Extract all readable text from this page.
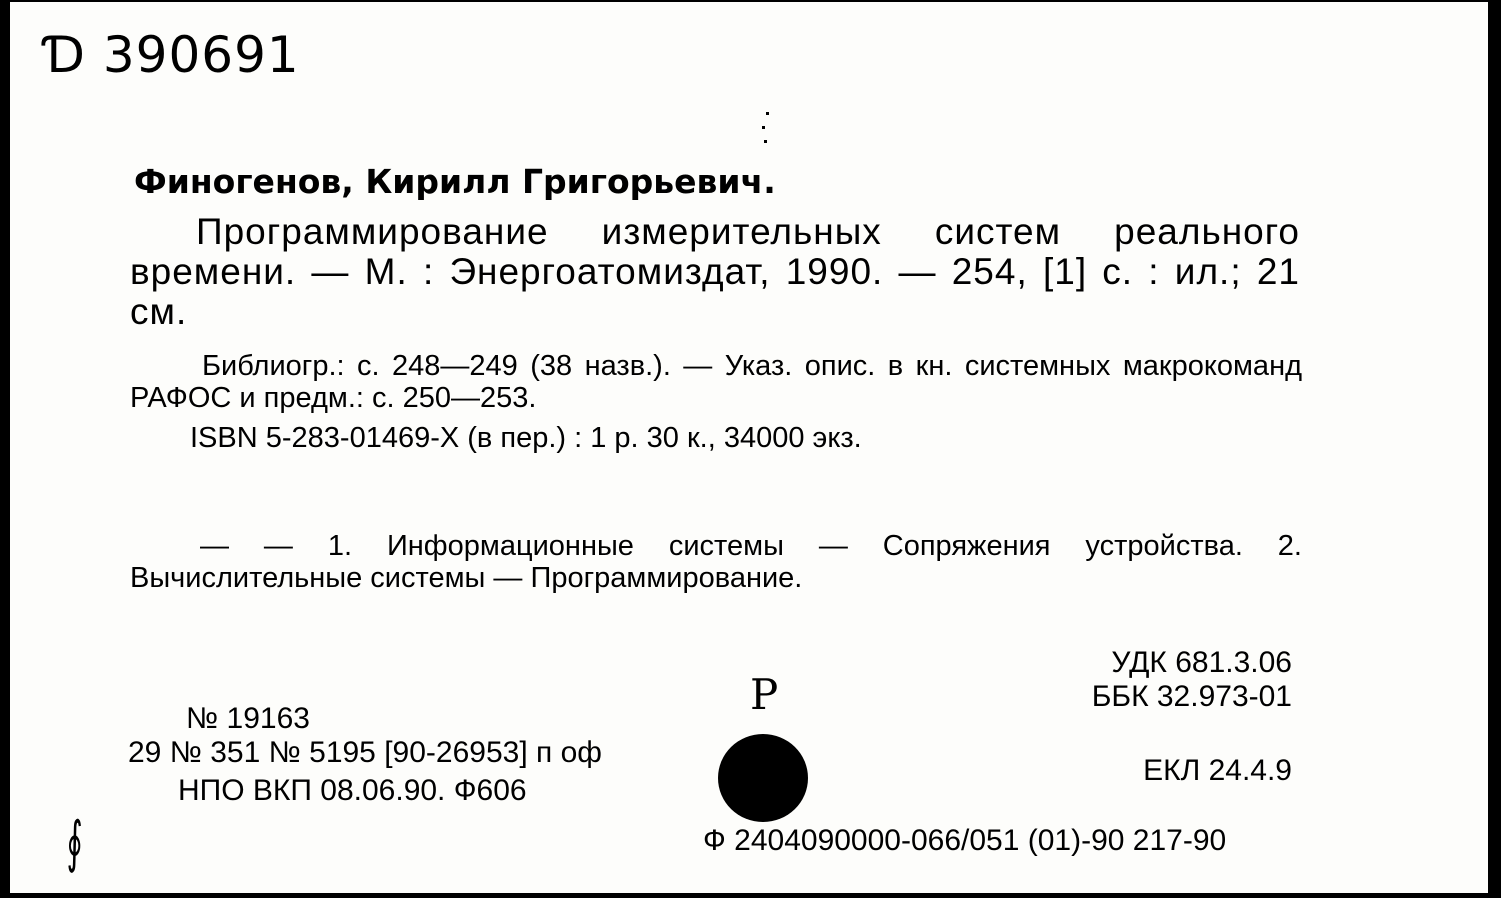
Ɗ 390691
Финогенов, Кирилл Григорьевич.
Программирование измерительных систем реального времени. — М. : Энергоатомиздат, 1990. — 254, [1] с. : ил.; 21 см.
Библиогр.: с. 248—249 (38 назв.). — Указ. опис. в кн. системных макрокоманд РАФОС и предм.: с. 250—253.
ISBN 5-283-01469-X (в пер.) : 1 р. 30 к., 34000 экз.
— — 1. Информационные системы — Сопряжения устройства. 2. Вычислительные системы — Программирование.
УДК 681.3.06
ББК 32.973-01
Р
№ 19163
29 № 351 № 5195 [90-26953] п оф
НПО ВКП 08.06.90. Ф606
ЕКЛ 24.4.9
Ф 2404090000-066/051 (01)-90 217-90
∮
